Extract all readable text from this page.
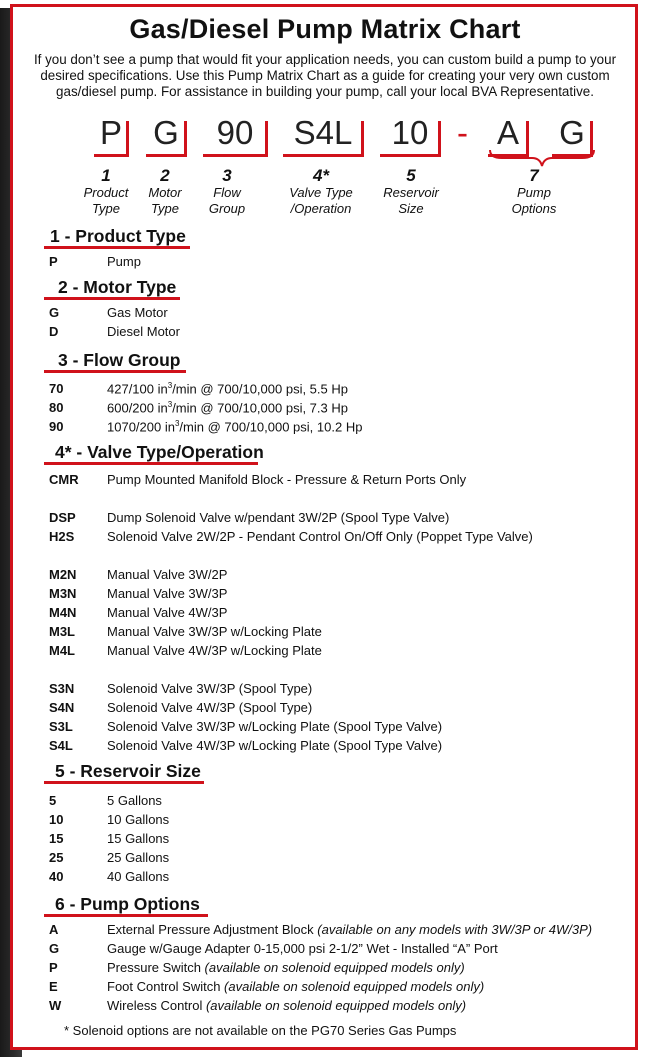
Gas/Diesel Pump Matrix Chart
If you don’t see a pump that would fit your application needs, you can custom build a pump to your desired specifications. Use this Pump Matrix Chart as a guide for creating your very own custom gas/diesel pump. For assistance in building your pump, call your local BVA Representative.
P G	90	S4L	10 - A G
1
Product
Type
2
Motor
Type
3
Flow
Group
4*
Valve Type
/Operation
5
Reservoir
Size
7
Pump
Options
1 - Product Type
P	Pump
2 - Motor Type
G	Gas Motor
D	Diesel Motor
3 - Flow Group
70	427/100 $in^3/\min$ @ 700/10,000 psi, 5.5 Hp
80	600/200 $in^3/\min$ @ 700/10,000 psi, 7.3 Hp
90	1070/200 $in^3/\min$ @ 700/10,000 psi, 10.2 Hp
4* - Valve Type/Operation
CMR Pump Mounted Manifold Block - Pressure & Return Ports Only
DSP Dump Solenoid Valve w/pendant 3W/2P (Spool Type Valve)
H2S	Solenoid Valve 2W/2P - Pendant Control On/Off Only (Poppet Type Valve)
M2N Manual Valve 3W/2P
M3N Manual Valve 3W/3P
M4N Manual Valve 4W/3P
M3L Manual Valve 3W/3P w/Locking Plate
M4L Manual Valve 4W/3P w/Locking Plate
S3N	Solenoid Valve 3W/3P (Spool Type)
S4N	Solenoid Valve 4W/3P (Spool Type)
S3L	Solenoid Valve 3W/3P w/Locking Plate (Spool Type Valve)
S4L	Solenoid Valve 4W/3P w/Locking Plate (Spool Type Valve)
5 - Reservoir Size
5	5 Gallons
10	10 Gallons
15	15 Gallons
25	25 Gallons
40	40 Gallons
6 - Pump Options
A	External Pressure Adjustment Block (available on any models with 3W/3P or 4W/3P)
G	Gauge w/Gauge Adapter 0-15,000 psi 2-1/2” Wet - Installed “A” Port
P	Pressure Switch (available on solenoid equipped models only)
E	Foot Control Switch (available on solenoid equipped models only)
W	Wireless Control (available on solenoid equipped models only)
* Solenoid options are not available on the PG70 Series Gas Pumps
